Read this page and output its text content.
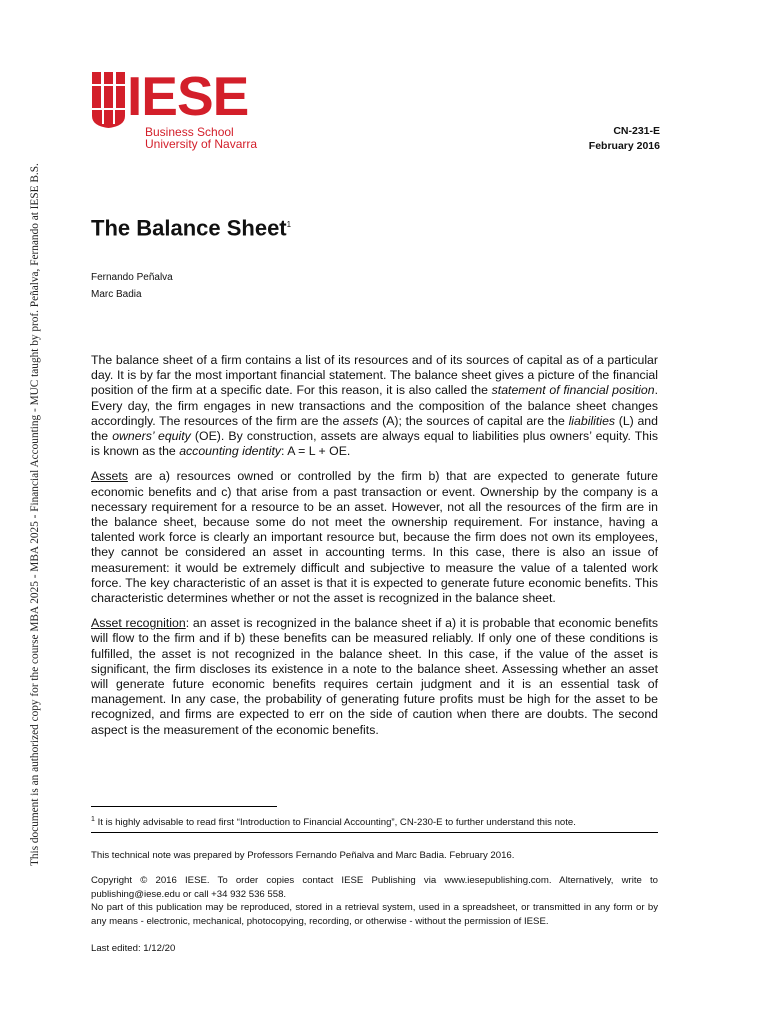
This document is an authorized copy for the course MBA 2025 - MBA 2025 - Financial Accounting - MUC taught by prof. Peñalva, Fernando at IESE B.S.
IESE
Business School
University of Navarra
CN-231-E
February 2016
The Balance Sheet$^1$
Fernando Peñalva
Marc Badia

The balance sheet of a firm contains a list of its resources and of its sources of capital as of a particular day. It is by far the most important financial statement. The balance sheet gives a picture of the financial position of the firm at a specific date. For this reason, it is also called the statement of financial position. Every day, the firm engages in new transactions and the composition of the balance sheet changes accordingly. The resources of the firm are the assets (A); the sources of capital are the liabilities (L) and the owners’ equity (OE). By construction, assets are always equal to liabilities plus owners’ equity. This is known as the accounting identity: A = L + OE.

Assets are a) resources owned or controlled by the firm b) that are expected to generate future economic benefits and c) that arise from a past transaction or event. Ownership by the company is a necessary requirement for a resource to be an asset. However, not all the resources of the firm are in the balance sheet, because some do not meet the ownership requirement. For instance, having a talented work force is clearly an important resource but, because the firm does not own its employees, they cannot be considered an asset in accounting terms. In this case, there is also an issue of measurement: it would be extremely difficult and subjective to measure the value of a talented work force. The key characteristic of an asset is that it is expected to generate future economic benefits. This characteristic determines whether or not the asset is recognized in the balance sheet.

Asset recognition: an asset is recognized in the balance sheet if a) it is probable that economic benefits will flow to the firm and if b) these benefits can be measured reliably. If only one of these conditions is fulfilled, the asset is not recognized in the balance sheet. In this case, if the value of the asset is significant, the firm discloses its existence in a note to the balance sheet. Assessing whether an asset will generate future economic benefits requires certain judgment and it is an essential task of management. In any case, the probability of generating future profits must be high for the asset to be recognized, and firms are expected to err on the side of caution when there are doubts. The second aspect is the measurement of the economic benefits.

$^1$ It is highly advisable to read first “Introduction to Financial Accounting”, CN-230-E to further understand this note.
This technical note was prepared by Professors Fernando Peñalva and Marc Badia. February 2016.

Copyright © 2016 IESE. To order copies contact IESE Publishing via www.iesepublishing.com. Alternatively, write to publishing@iese.edu or call +34 932 536 558.

No part of this publication may be reproduced, stored in a retrieval system, used in a spreadsheet, or transmitted in any form or by any means - electronic, mechanical, photocopying, recording, or otherwise - without the permission of IESE.

Last edited: 1/12/20
